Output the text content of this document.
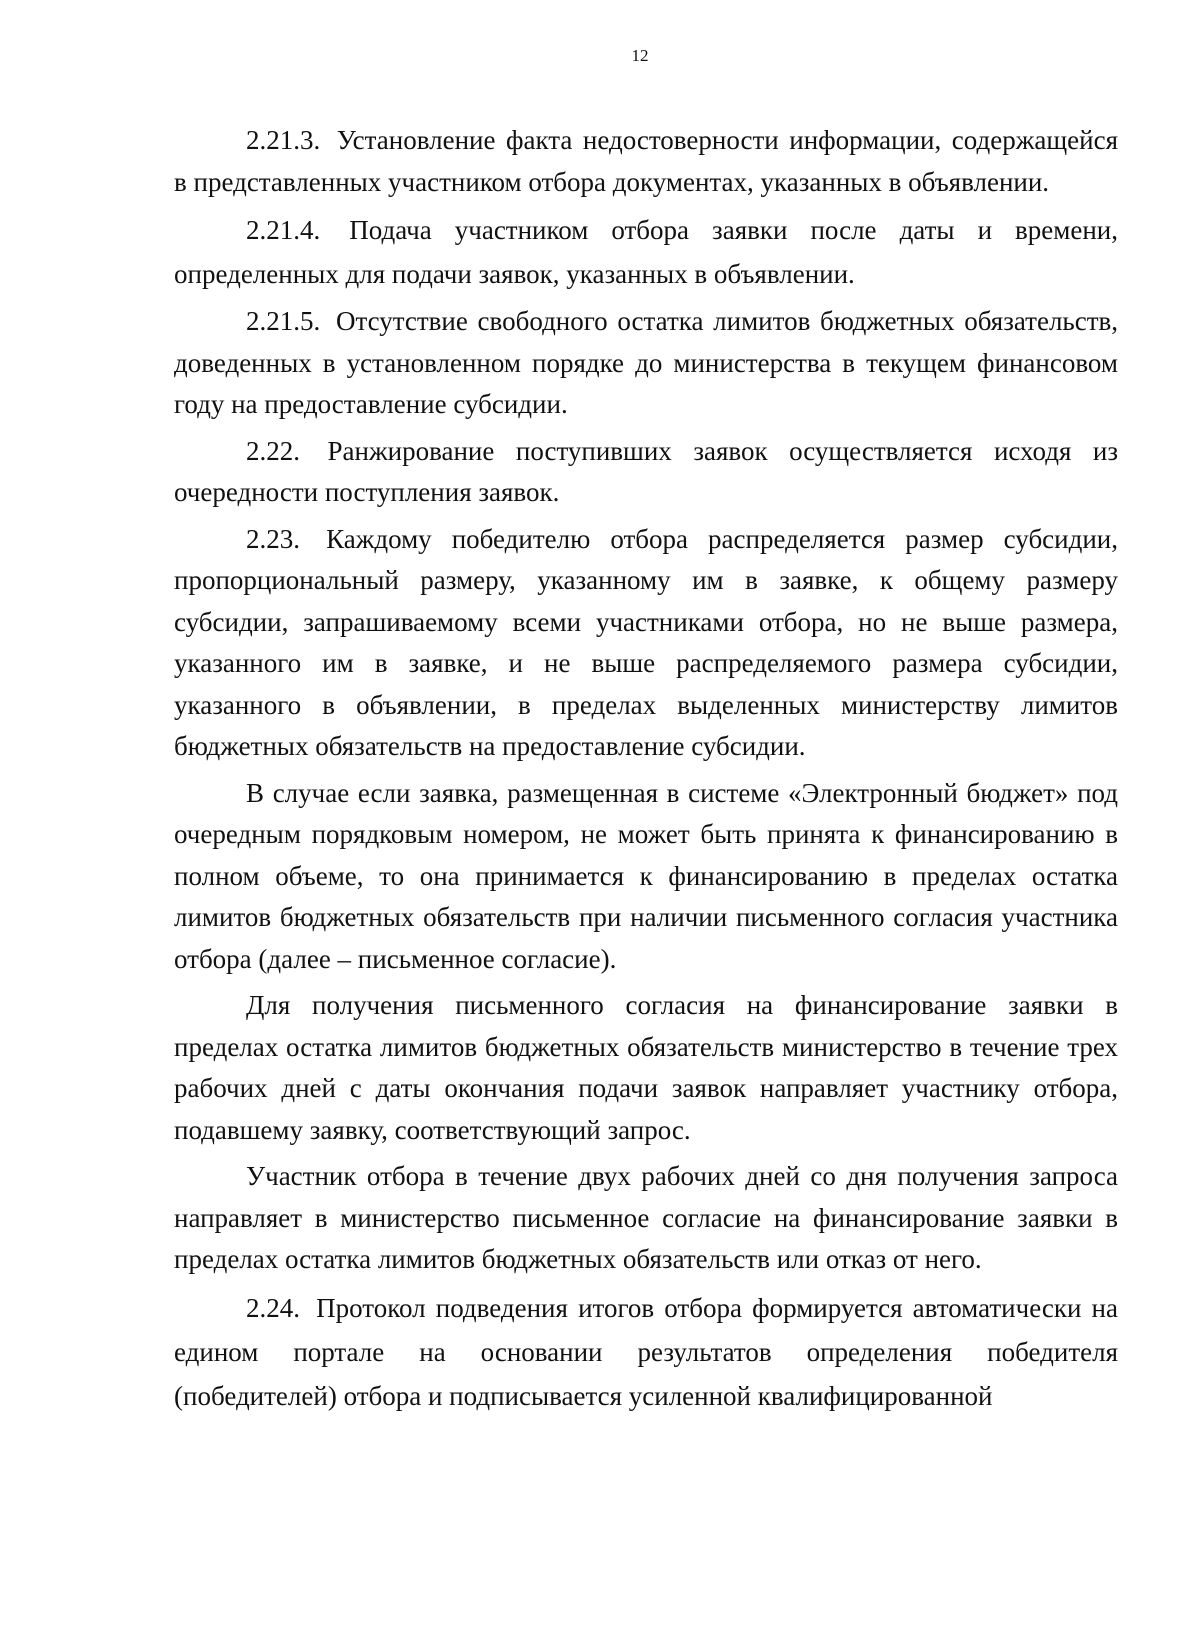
12

2.21.3. Установление факта недостоверности информации, содержащейся в представленных участником отбора документах, указанных в объявлении.

2.21.4. Подача участником отбора заявки после даты и времени, определенных для подачи заявок, указанных в объявлении.

2.21.5. Отсутствие свободного остатка лимитов бюджетных обязательств, доведенных в установленном порядке до министерства в текущем финансовом году на предоставление субсидии.

2.22. Ранжирование поступивших заявок осуществляется исходя из очередности поступления заявок.

2.23. Каждому победителю отбора распределяется размер субсидии, пропорциональный размеру, указанному им в заявке, к общему размеру субсидии, запрашиваемому всеми участниками отбора, но не выше размера, указанного им в заявке, и не выше распределяемого размера субсидии, указанного в объявлении, в пределах выделенных министерству лимитов бюджетных обязательств на предоставление субсидии.

В случае если заявка, размещенная в системе «Электронный бюджет» под очередным порядковым номером, не может быть принята к финансированию в полном объеме, то она принимается к финансированию в пределах остатка лимитов бюджетных обязательств при наличии письменного согласия участника отбора (далее – письменное согласие).

Для получения письменного согласия на финансирование заявки в пределах остатка лимитов бюджетных обязательств министерство в течение трех рабочих дней с даты окончания подачи заявок направляет участнику отбора, подавшему заявку, соответствующий запрос.

Участник отбора в течение двух рабочих дней со дня получения запроса направляет в министерство письменное согласие на финансирование заявки в пределах остатка лимитов бюджетных обязательств или отказ от него.

2.24. Протокол подведения итогов отбора формируется автоматически на едином портале на основании результатов определения победителя (победителей) отбора и подписывается усиленной квалифицированной
